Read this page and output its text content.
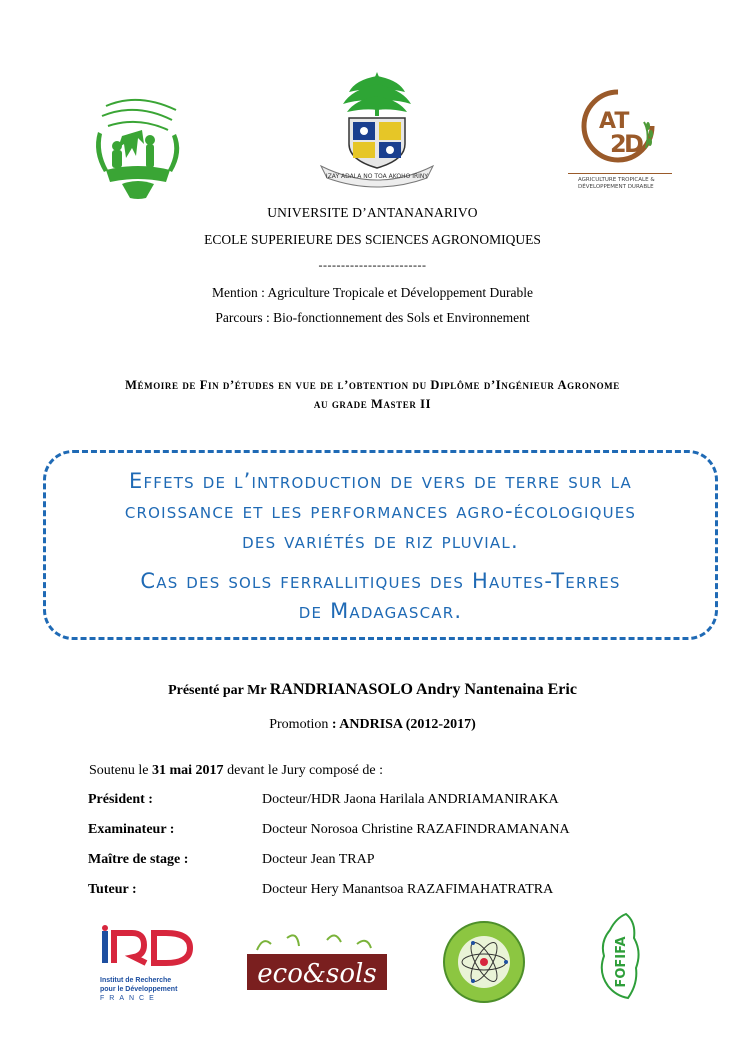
IZAY ADALA NO TOA AKOHO IRINY
AT
2
D
AGRICULTURE TROPICALE &
DÉVELOPPEMENT DURABLE
UNIVERSITE D’ANTANANARIVO
ECOLE SUPERIEURE DES SCIENCES AGRONOMIQUES
------------------------
Mention : Agriculture Tropicale et Développement Durable
Parcours : Bio-fonctionnement des Sols et Environnement
Mémoire de Fin d’études en vue de l’obtention du Diplôme d’Ingénieur Agronome
au grade Master II
Effets de l’introduction de vers de terre sur la
croissance et les performances agro-écologiques
des variétés de riz pluvial.
Cas des sols ferrallitiques des Hautes-Terres
de Madagascar.
Présenté par Mr RANDRIANASOLO Andry Nantenaina Eric
Promotion : ANDRISA (2012-2017)
Soutenu le 31 mai 2017 devant le Jury composé de :
Président :	Docteur/HDR Jaona Harilala ANDRIAMANIRAKA
Examinateur :	Docteur Norosoa Christine RAZAFINDRAMANANA
Maître de stage :	Docteur Jean TRAP
Tuteur :	Docteur Hery Manantsoa RAZAFIMAHATRATRA
Institut de Recherche
pour le Développement
FRANCE
eco&sols	FOFIFA
